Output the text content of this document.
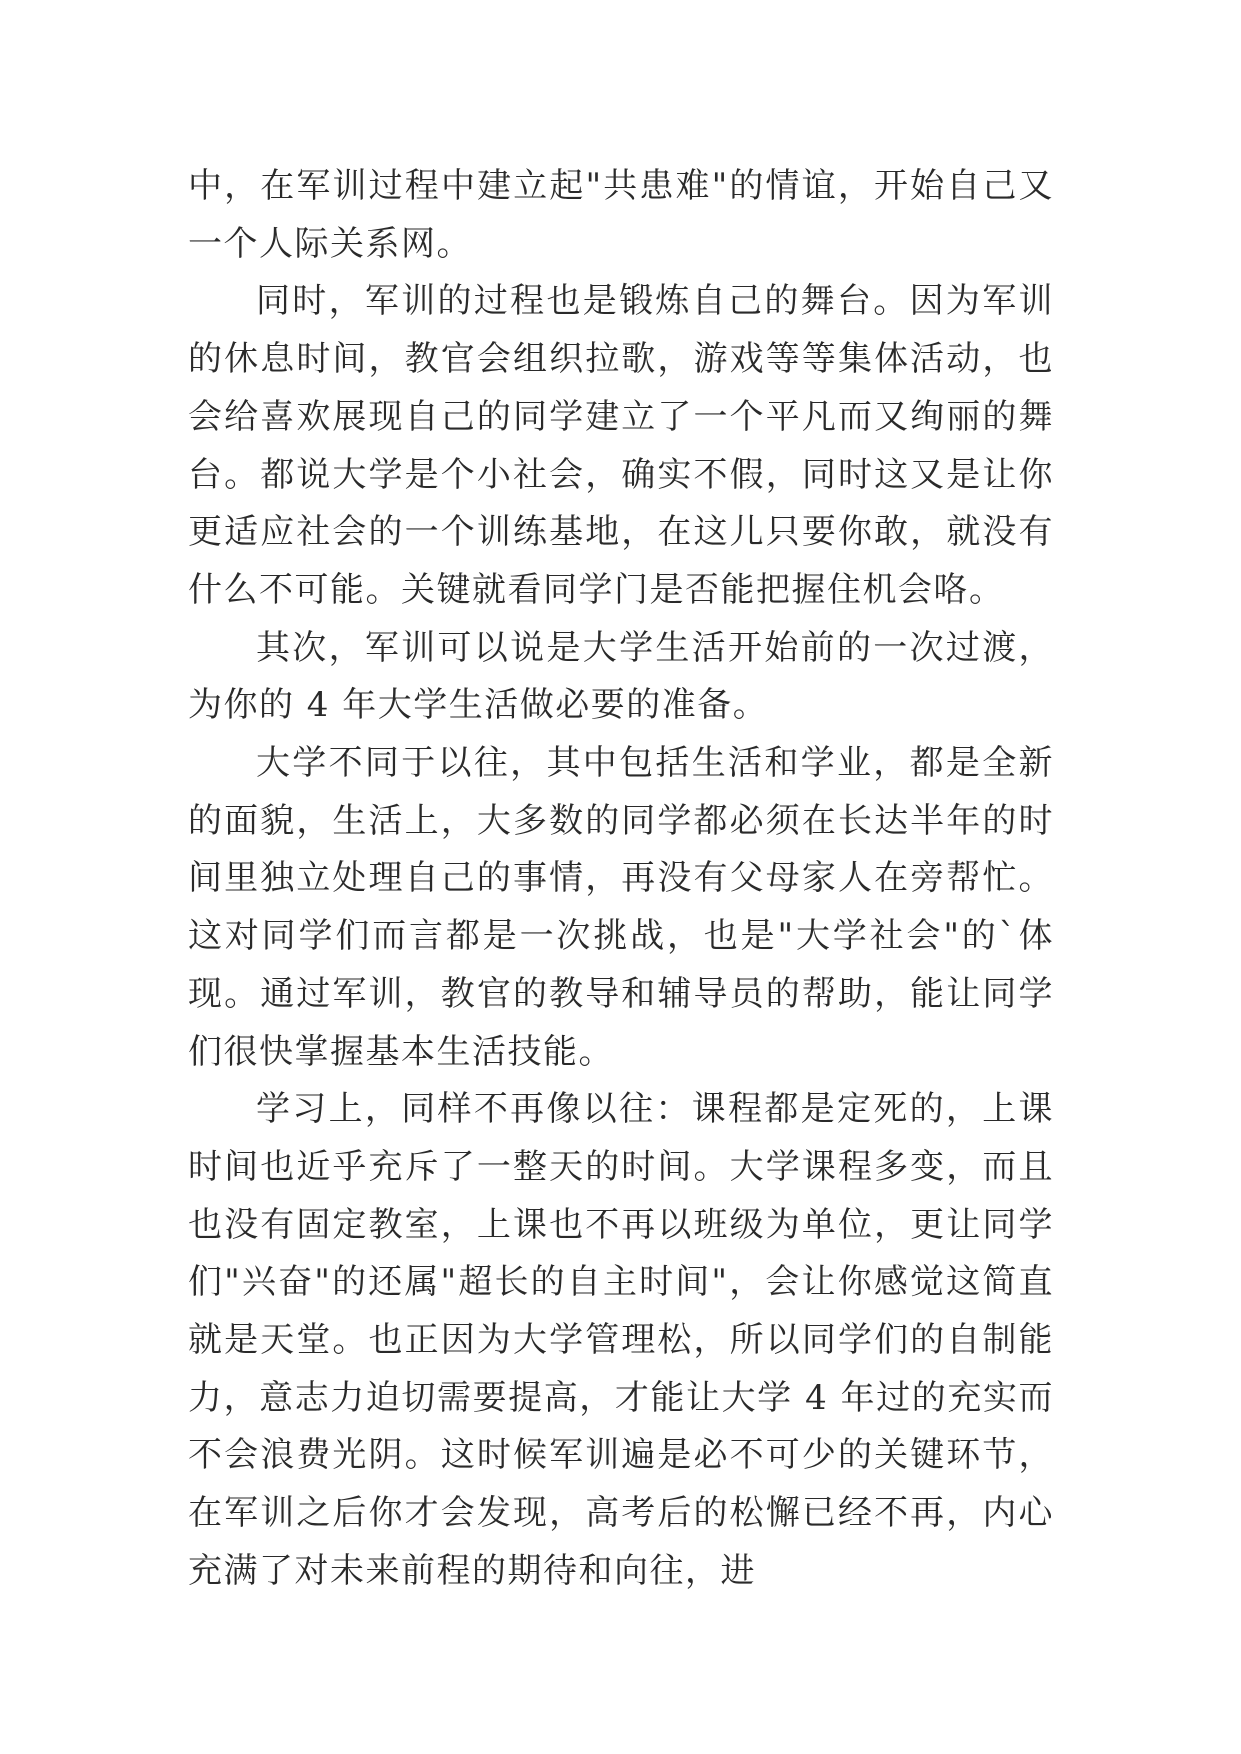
中，在军训过程中建立起"共患难"的情谊，开始自己又一个人际关系网。

同时，军训的过程也是锻炼自己的舞台。因为军训的休息时间，教官会组织拉歌，游戏等等集体活动，也会给喜欢展现自己的同学建立了一个平凡而又绚丽的舞台。都说大学是个小社会，确实不假，同时这又是让你更适应社会的一个训练基地，在这儿只要你敢，就没有什么不可能。关键就看同学门是否能把握住机会咯。

其次，军训可以说是大学生活开始前的一次过渡，为你的 4 年大学生活做必要的准备。

大学不同于以往，其中包括生活和学业，都是全新的面貌，生活上，大多数的同学都必须在长达半年的时间里独立处理自己的事情，再没有父母家人在旁帮忙。这对同学们而言都是一次挑战，也是"大学社会"的`体现。通过军训，教官的教导和辅导员的帮助，能让同学们很快掌握基本生活技能。

学习上，同样不再像以往：课程都是定死的，上课时间也近乎充斥了一整天的时间。大学课程多变，而且也没有固定教室，上课也不再以班级为单位，更让同学们"兴奋"的还属"超长的自主时间"，会让你感觉这简直就是天堂。也正因为大学管理松，所以同学们的自制能力，意志力迫切需要提高，才能让大学 4 年过的充实而不会浪费光阴。这时候军训遍是必不可少的关键环节，在军训之后你才会发现，高考后的松懈已经不再，内心充满了对未来前程的期待和向往，进
